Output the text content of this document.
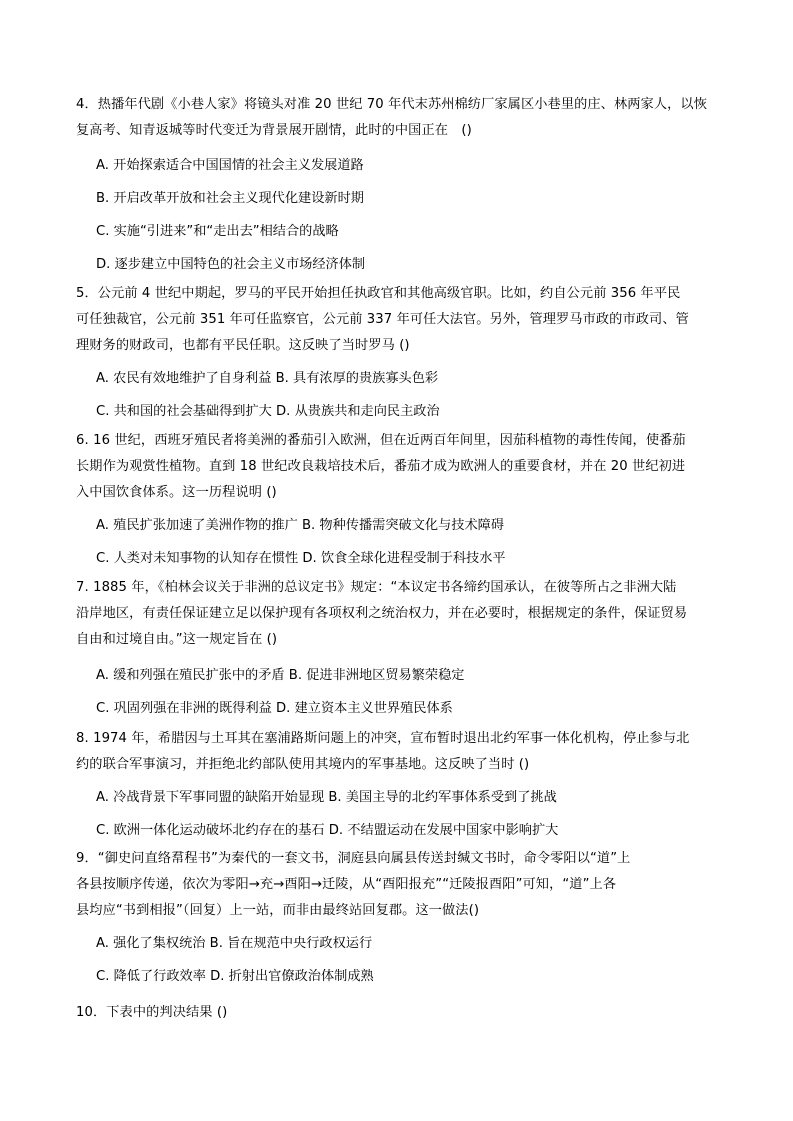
4．热播年代剧《小巷人家》将镜头对准 20 世纪 70 年代末苏州棉纺厂家属区小巷里的庄、林两家人，以恢
复高考、知青返城等时代变迁为背景展开剧情，此时的中国正在　()
A. 开始探索适合中国国情的社会主义发展道路
B. 开启改革开放和社会主义现代化建设新时期
C. 实施“引进来”和“走出去”相结合的战略
D. 逐步建立中国特色的社会主义市场经济体制
5．公元前 4 世纪中期起，罗马的平民开始担任执政官和其他高级官职。比如，约自公元前 356 年平民
可任独裁官，公元前 351 年可任监察官，公元前 337 年可任大法官。另外，管理罗马市政的市政司、管
理财务的财政司，也都有平民任职。这反映了当时罗马 ()
A. 农民有效地维护了自身利益 B. 具有浓厚的贵族寡头色彩
C. 共和国的社会基础得到扩大 D. 从贵族共和走向民主政治
6. 16 世纪，西班牙殖民者将美洲的番茄引入欧洲，但在近两百年间里，因茄科植物的毒性传闻，使番茄
长期作为观赏性植物。直到 18 世纪改良栽培技术后，番茄才成为欧洲人的重要食材，并在 20 世纪初进
入中国饮食体系。这一历程说明 ()
A. 殖民扩张加速了美洲作物的推广 B. 物种传播需突破文化与技术障碍
C. 人类对未知事物的认知存在惯性 D. 饮食全球化进程受制于科技水平
7. 1885 年，《柏林会议关于非洲的总议定书》规定：“本议定书各缔约国承认，在彼等所占之非洲大陆
沿岸地区，有责任保证建立足以保护现有各项权利之统治权力，并在必要时，根据规定的条件，保证贸易
自由和过境自由。”这一规定旨在 ()
A. 缓和列强在殖民扩张中的矛盾 B. 促进非洲地区贸易繁荣稳定
C. 巩固列强在非洲的既得利益 D. 建立资本主义世界殖民体系
8. 1974 年，希腊因与土耳其在塞浦路斯问题上的冲突，宣布暂时退出北约军事一体化机构，停止参与北
约的联合军事演习，并拒绝北约部队使用其境内的军事基地。这反映了当时 ()
A. 冷战背景下军事同盟的缺陷开始显现 B. 美国主导的北约军事体系受到了挑战
C. 欧洲一体化运动破坏北约存在的基石 D. 不结盟运动在发展中国家中影响扩大
9．“御史问直络帬程书”为秦代的一套文书，洞庭县向属县传送封缄文书时，命令零阳以“道”上
各县按顺序传递，依次为零阳→充→酉阳→迁陵，从“酉阳报充”“迁陵报酉阳”可知，“道”上各
县均应“书到相报”（回复）上一站，而非由最终站回复郡。这一做法()
A. 强化了集权统治 B. 旨在规范中央行政权运行
C. 降低了行政效率 D. 折射出官僚政治体制成熟
10．下表中的判决结果 ()
